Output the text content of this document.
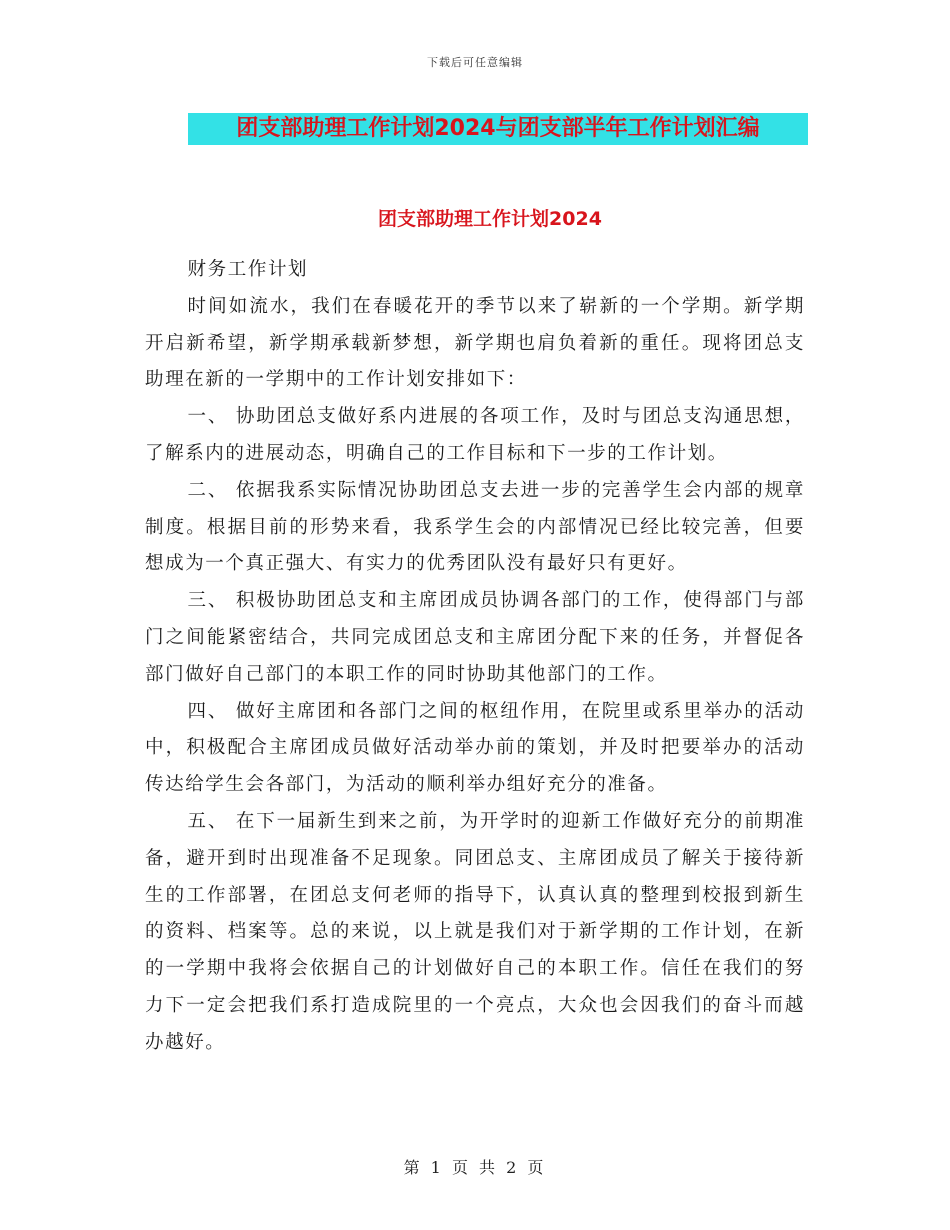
下载后可任意编辑
团支部助理工作计划2024与团支部半年工作计划汇编
团支部助理工作计划2024

财务工作计划

时间如流水，我们在春暖花开的季节以来了崭新的一个学期。新学期开启新希望，新学期承载新梦想，新学期也肩负着新的重任。现将团总支助理在新的一学期中的工作计划安排如下：

一、 协助团总支做好系内进展的各项工作，及时与团总支沟通思想，了解系内的进展动态，明确自己的工作目标和下一步的工作计划。

二、 依据我系实际情况协助团总支去进一步的完善学生会内部的规章制度。根据目前的形势来看，我系学生会的内部情况已经比较完善，但要想成为一个真正强大、有实力的优秀团队没有最好只有更好。

三、 积极协助团总支和主席团成员协调各部门的工作，使得部门与部门之间能紧密结合，共同完成团总支和主席团分配下来的任务，并督促各部门做好自己部门的本职工作的同时协助其他部门的工作。

四、 做好主席团和各部门之间的枢纽作用，在院里或系里举办的活动中，积极配合主席团成员做好活动举办前的策划，并及时把要举办的活动传达给学生会各部门，为活动的顺利举办组好充分的准备。

五、 在下一届新生到来之前，为开学时的迎新工作做好充分的前期准备，避开到时出现准备不足现象。同团总支、主席团成员了解关于接待新生的工作部署，在团总支何老师的指导下，认真认真的整理到校报到新生的资料、档案等。总的来说，以上就是我们对于新学期的工作计划，在新的一学期中我将会依据自己的计划做好自己的本职工作。信任在我们的努力下一定会把我们系打造成院里的一个亮点，大众也会因我们的奋斗而越办越好。

第 1 页 共 2 页
